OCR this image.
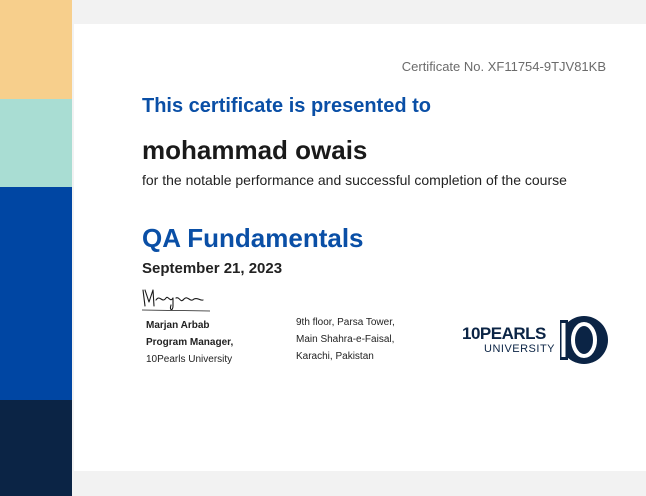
Certificate No. XF11754-9TJV81KB
This certificate is presented to
mohammad owais
for the notable performance and successful completion of the course
QA Fundamentals
September 21, 2023
Marjan Arbab
Program Manager,
10Pearls University
9th floor, Parsa Tower,
Main Shahra-e-Faisal,
Karachi, Pakistan
10PEARLS
UNIVERSITY
